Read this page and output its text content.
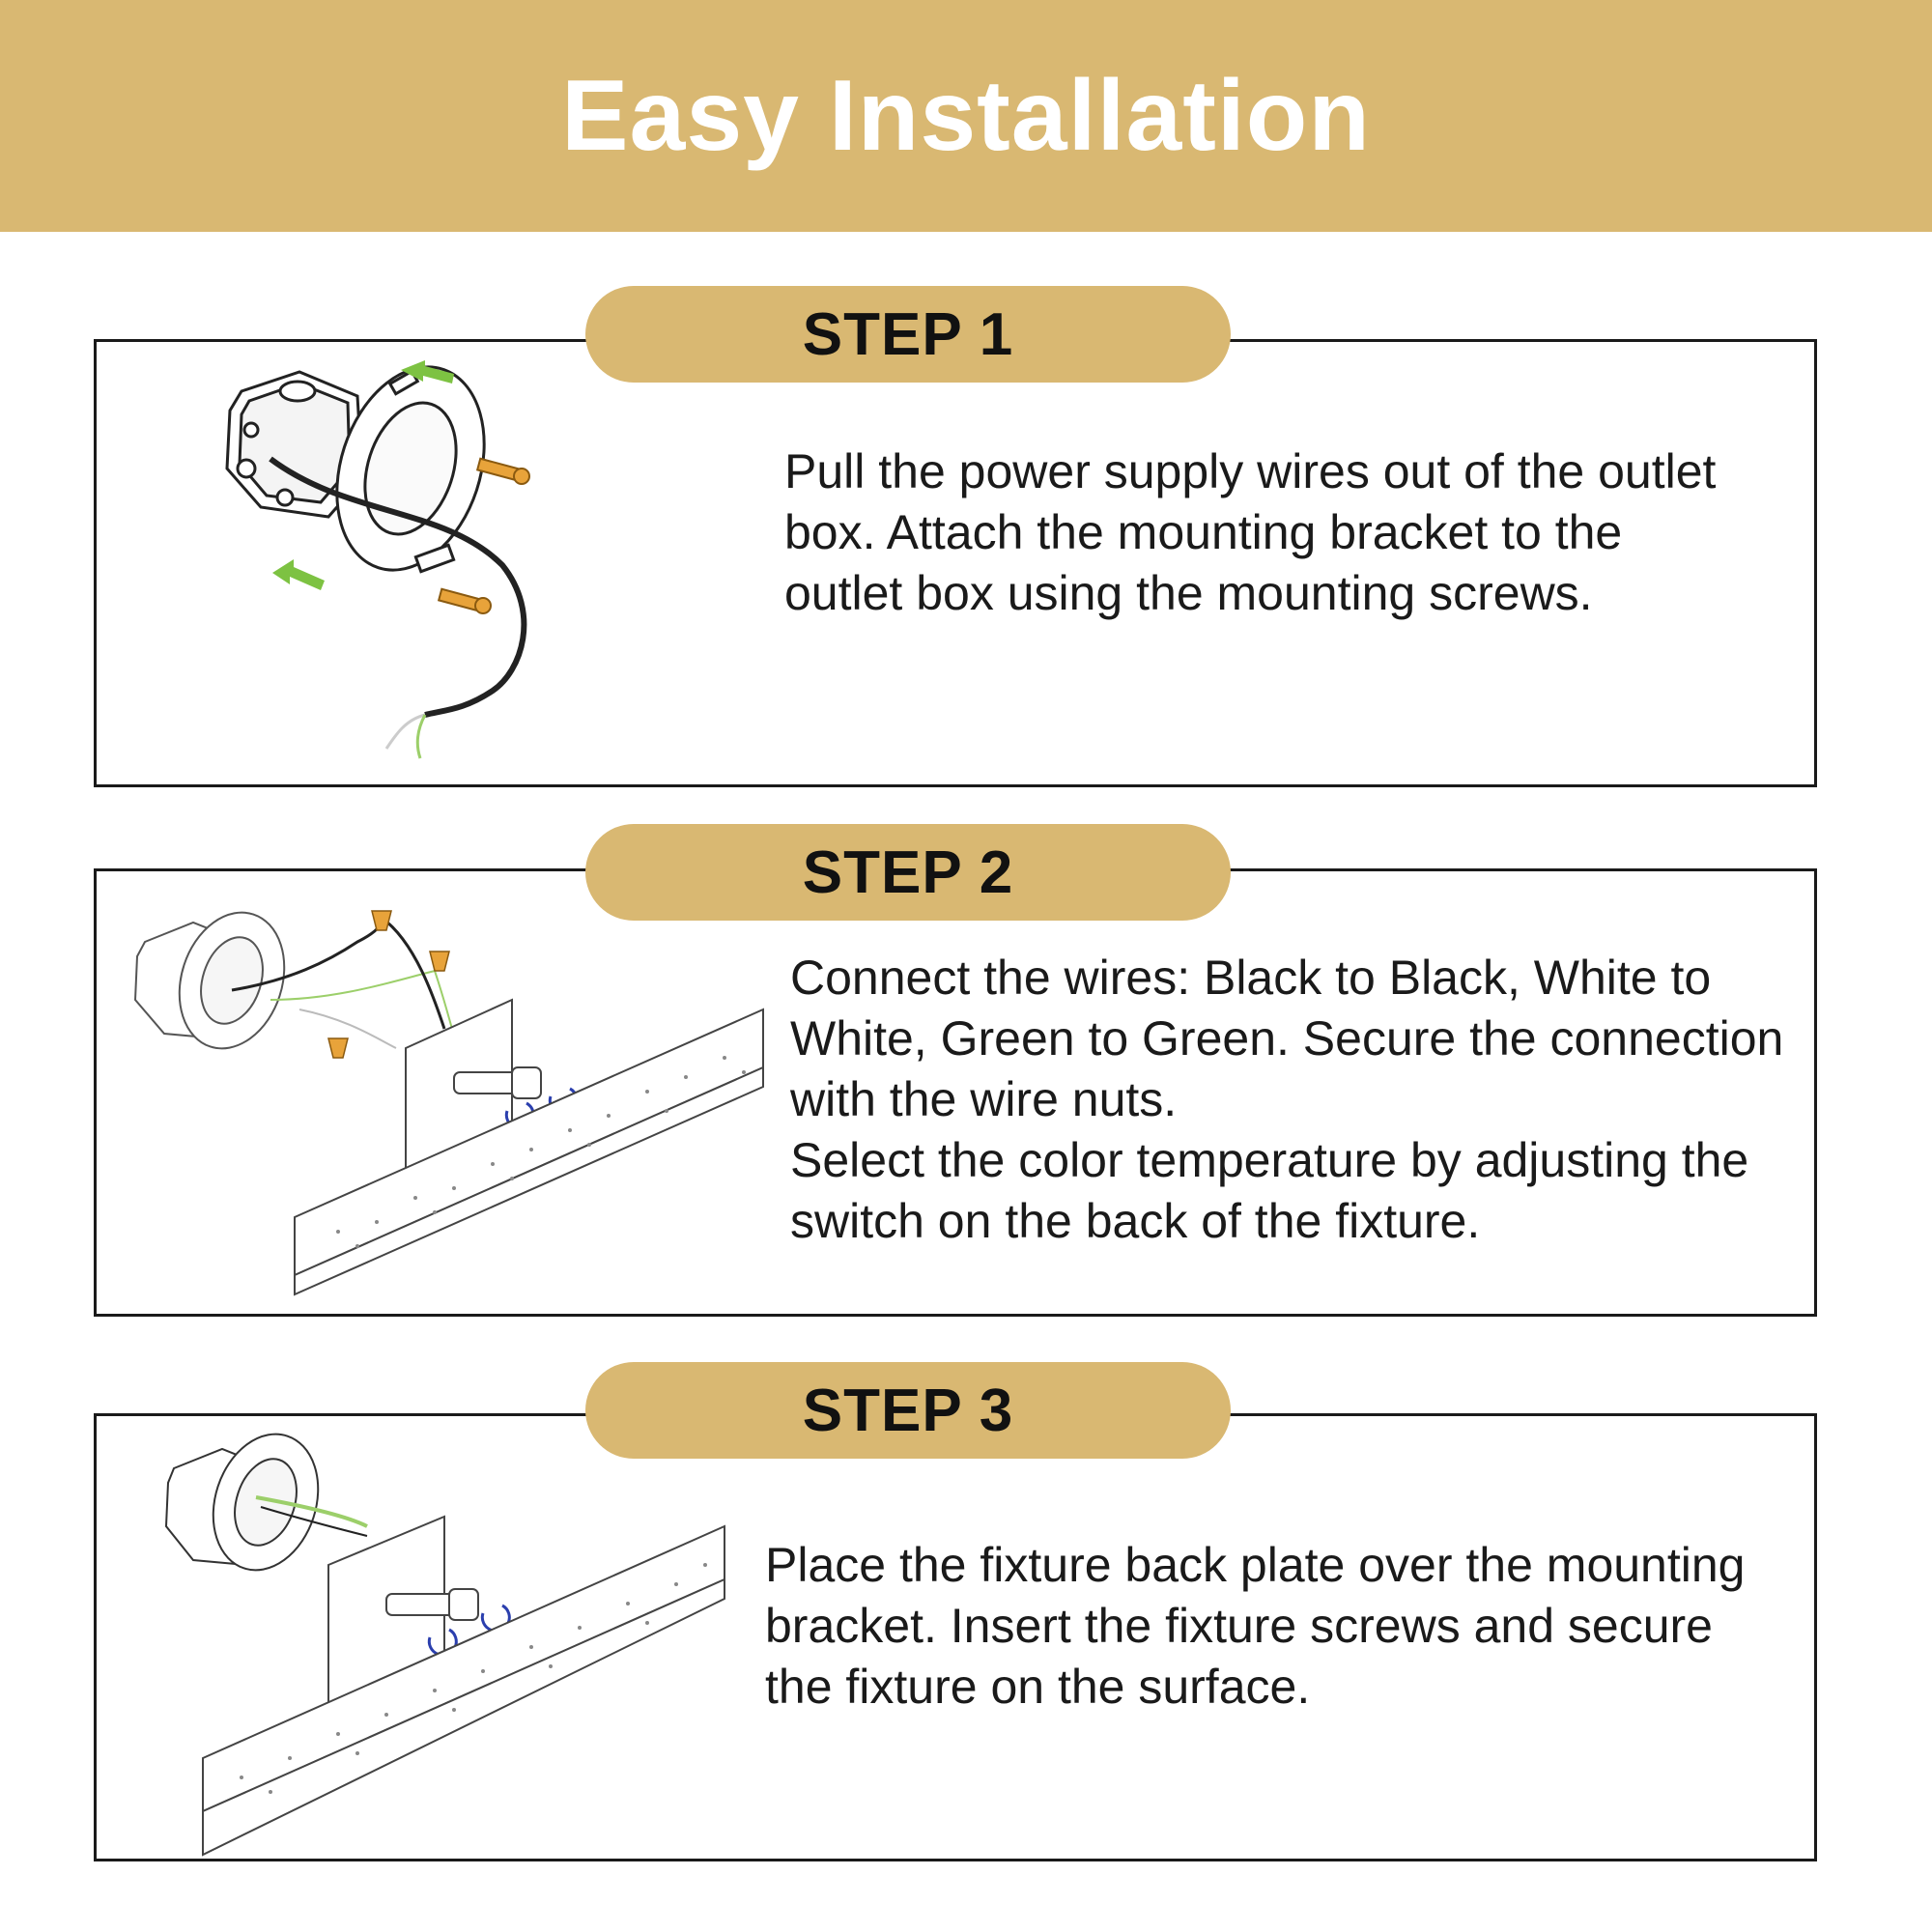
Easy Installation
STEP 1

Pull the power supply wires out of the outlet box. Attach the mounting bracket to the outlet box using the mounting screws.

STEP 2

Connect the wires: Black to Black, White to White, Green to Green. Secure the connection with the wire nuts.
Select the color temperature by adjusting the switch on the back of the fixture.

STEP 3

Place the fixture back plate over the mounting bracket. Insert the fixture screws and secure the fixture on the surface.
